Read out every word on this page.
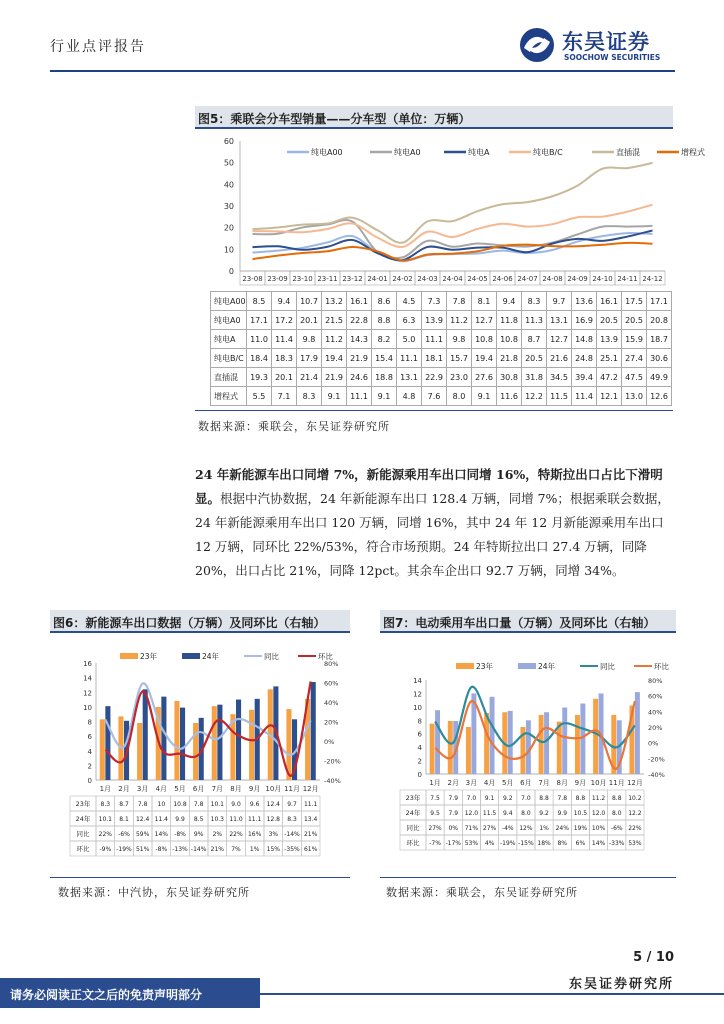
行业点评报告	东吴证券
SOOCHOW SECURITIES
图5：乘联会分车型销量——分车型（单位：万辆）
0
10
20
30
40
50
60
23-08 23-09 23-10 23-11 23-12 24-01 24-02 24-03 24-04 24-05 24-06 24-07 24-08 24-09 24-10 24-11 24-12
纯电A00	纯电A0	纯电A	纯电B/C	直插混	增程式
纯电A00	8.5	9.4	10.7	13.2	16.1	8.6	4.5	7.3	7.8	8.1	9.4	8.3	9.7	13.6	16.1	17.5	17.1
纯电A0	17.1	17.2	20.1	21.5	22.8	8.8	6.3	13.9	11.2	12.7	11.8	11.3	13.1	16.9	20.5	20.5	20.8
纯电A	11.0	11.4	9.8	11.2	14.3	8.2	5.0	11.1	9.8	10.8	10.8	8.7	12.7	14.8	13.9	15.9	18.7
纯电B/C	18.4	18.3	17.9	19.4	21.9	15.4	11.1	18.1	15.7	19.4	21.8	20.5	21.6	24.8	25.1	27.4	30.6
直插混	19.3	20.1	21.4	21.9	24.6	18.8	13.1	22.9	23.0	27.6	30.8	31.8	34.5	39.4	47.2	47.5	49.9
增程式	5.5	7.1	8.3	9.1	11.1	9.1	4.8	7.6	8.0	9.1	11.6	12.2	11.5	11.4	12.1	13.0	12.6
数据来源：乘联会，东吴证券研究所
24 年新能源车出口同增 7%，新能源乘用车出口同增 16%，特斯拉出口占比下滑明显。根据中汽协数据，24 年新能源车出口 128.4 万辆，同增 7%；根据乘联会数据，24 年新能源乘用车出口 120 万辆，同增 16%，其中 24 年 12 月新能源乘用车出口 12 万辆，同环比 22%/53%，符合市场预期。24 年特斯拉出口 27.4 万辆，同降 20%，出口占比 21%，同降 12pct。其余车企出口 92.7 万辆，同增 34%。
图6：新能源车出口数据（万辆）及同环比（右轴）
0
2
4
6
8
10
12
14
16
-40%
-20%
0%
20%
40%
60%
80%
23年	24年	同比	环比
1月 2月 3月 4月 5月 6月 7月 8月 9月 10月 11月 12月
23年 8.3 8.7 7.8 10 10.8 7.8 10.1 9.0 9.6 12.4 9.7 11.1
24年 10.1 8.1 12.4 11.4 9.9 8.5 10.3 11.0 11.1 12.8 8.3 13.4
同比 22% -6% 59% 14% -8% 9% 2% 22% 16% 3% -14% 21%
环比 -9% -19% 51% -8% -13% -14% 21% 7% 1% 15% -35% 61%
数据来源：中汽协，东吴证券研究所
图7：电动乘用车出口量（万辆）及同环比（右轴）
0
2
4
6
8
10
12
14
-40%
-20%
0%
20%
40%
60%
80%
23年	24年	同比	环比
1月 2月 3月 4月 5月 6月 7月 8月 9月 10月 11月 12月
23年 7.5 7.9 7.0 9.1 9.2 7.0 8.8 7.8 8.8 11.2 8.8 10.2
24年 9.5 7.9 12.0 11.5 9.4 8.0 9.2 9.9 10.5 12.0 8.0 12.2
同比 27% 0% 71% 27% -4% 12% 1% 24% 19% 10% -6% 22%
环比 -7% -17% 53% 4% -19% -15% 18% 8% 6% 14% -33% 53%
数据来源：乘联会，东吴证券研究所
5 / 10
东吴证券研究所
请务必阅读正文之后的免责声明部分
